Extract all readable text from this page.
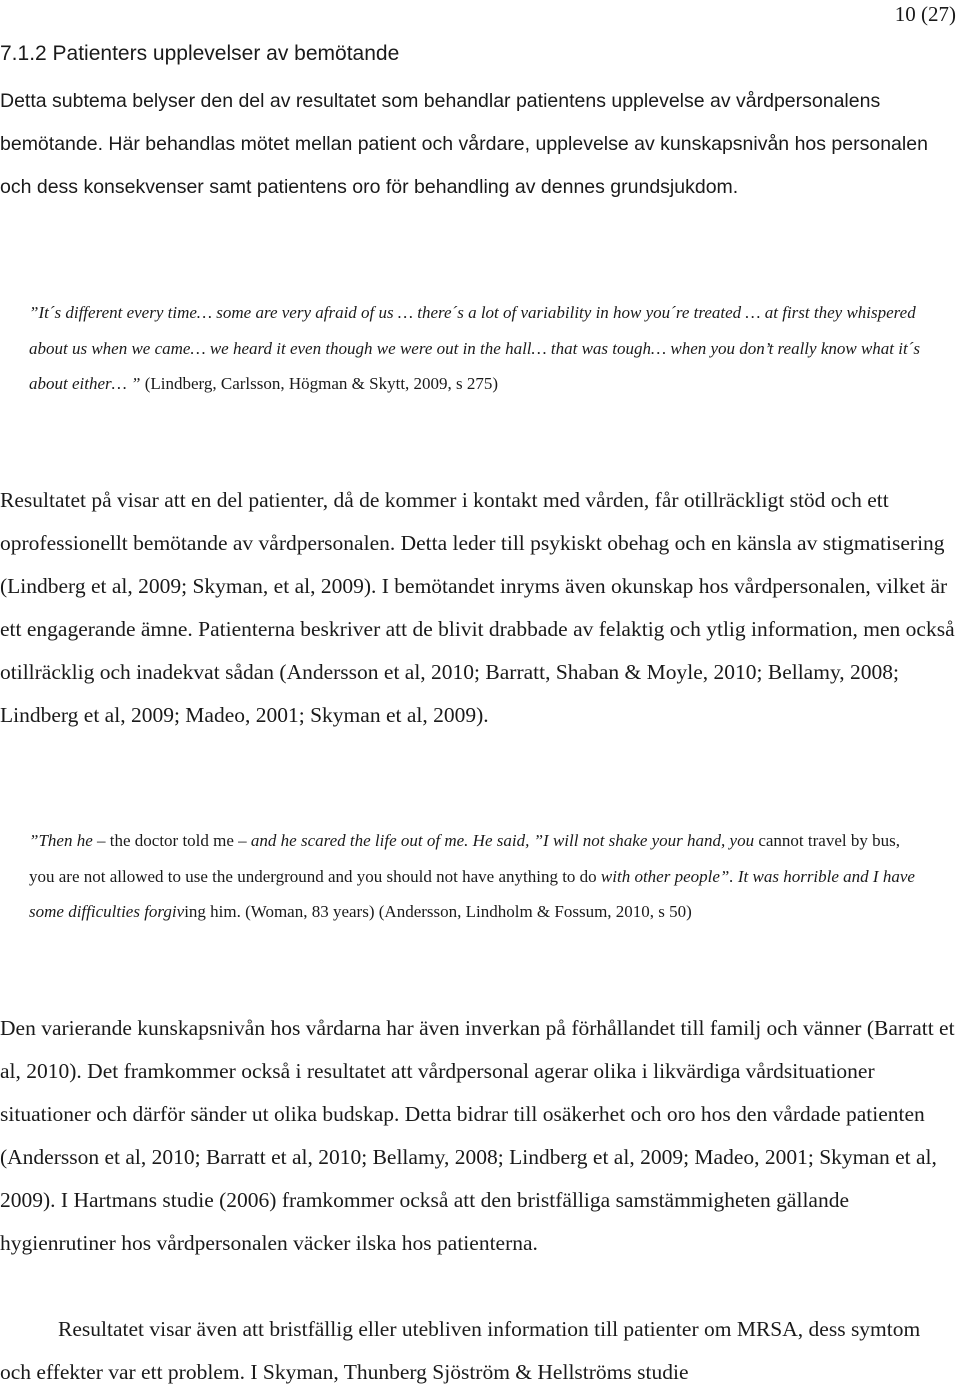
10 (27)
7.1.2 Patienters upplevelser av bemötande

Detta subtema belyser den del av resultatet som behandlar patientens upplevelse av vårdpersonalens bemötande. Här behandlas mötet mellan patient och vårdare, upplevelse av kunskapsnivån hos personalen och dess konsekvenser samt patientens oro för behandling av dennes grundsjukdom.

”It´s different every time… some are very afraid of us … there´s a lot of variability in how you´re treated … at first they whispered about us when we came… we heard it even though we were out in the hall… that was tough… when you don’t really know what it´s about either… ” (Lindberg, Carlsson, Högman & Skytt, 2009, s 275)

Resultatet på visar att en del patienter, då de kommer i kontakt med vården, får otillräckligt stöd och ett oprofessionellt bemötande av vårdpersonalen. Detta leder till psykiskt obehag och en känsla av stigmatisering (Lindberg et al, 2009; Skyman, et al, 2009). I bemötandet inryms även okunskap hos vårdpersonalen, vilket är ett engagerande ämne. Patienterna beskriver att de blivit drabbade av felaktig och ytlig information, men också otillräcklig och inadekvat sådan (Andersson et al, 2010; Barratt, Shaban & Moyle, 2010; Bellamy, 2008; Lindberg et al, 2009; Madeo, 2001; Skyman et al, 2009).

”Then he – the doctor told me – and he scared the life out of me. He said, ”I will not shake your hand, you cannot travel by bus, you are not allowed to use the underground and you should not have anything to do with other people”. It was horrible and I have some difficulties forgiving him. (Woman, 83 years) (Andersson, Lindholm & Fossum, 2010, s 50)

Den varierande kunskapsnivån hos vårdarna har även inverkan på förhållandet till familj och vänner (Barratt et al, 2010). Det framkommer också i resultatet att vårdpersonal agerar olika i likvärdiga vårdsituationer situationer och därför sänder ut olika budskap. Detta bidrar till osäkerhet och oro hos den vårdade patienten (Andersson et al, 2010; Barratt et al, 2010; Bellamy, 2008; Lindberg et al, 2009; Madeo, 2001; Skyman et al, 2009). I Hartmans studie (2006) framkommer också att den bristfälliga samstämmigheten gällande hygienrutiner hos vårdpersonalen väcker ilska hos patienterna.

Resultatet visar även att bristfällig eller utebliven information till patienter om MRSA, dess symtom och effekter var ett problem. I Skyman, Thunberg Sjöström & Hellströms studie
